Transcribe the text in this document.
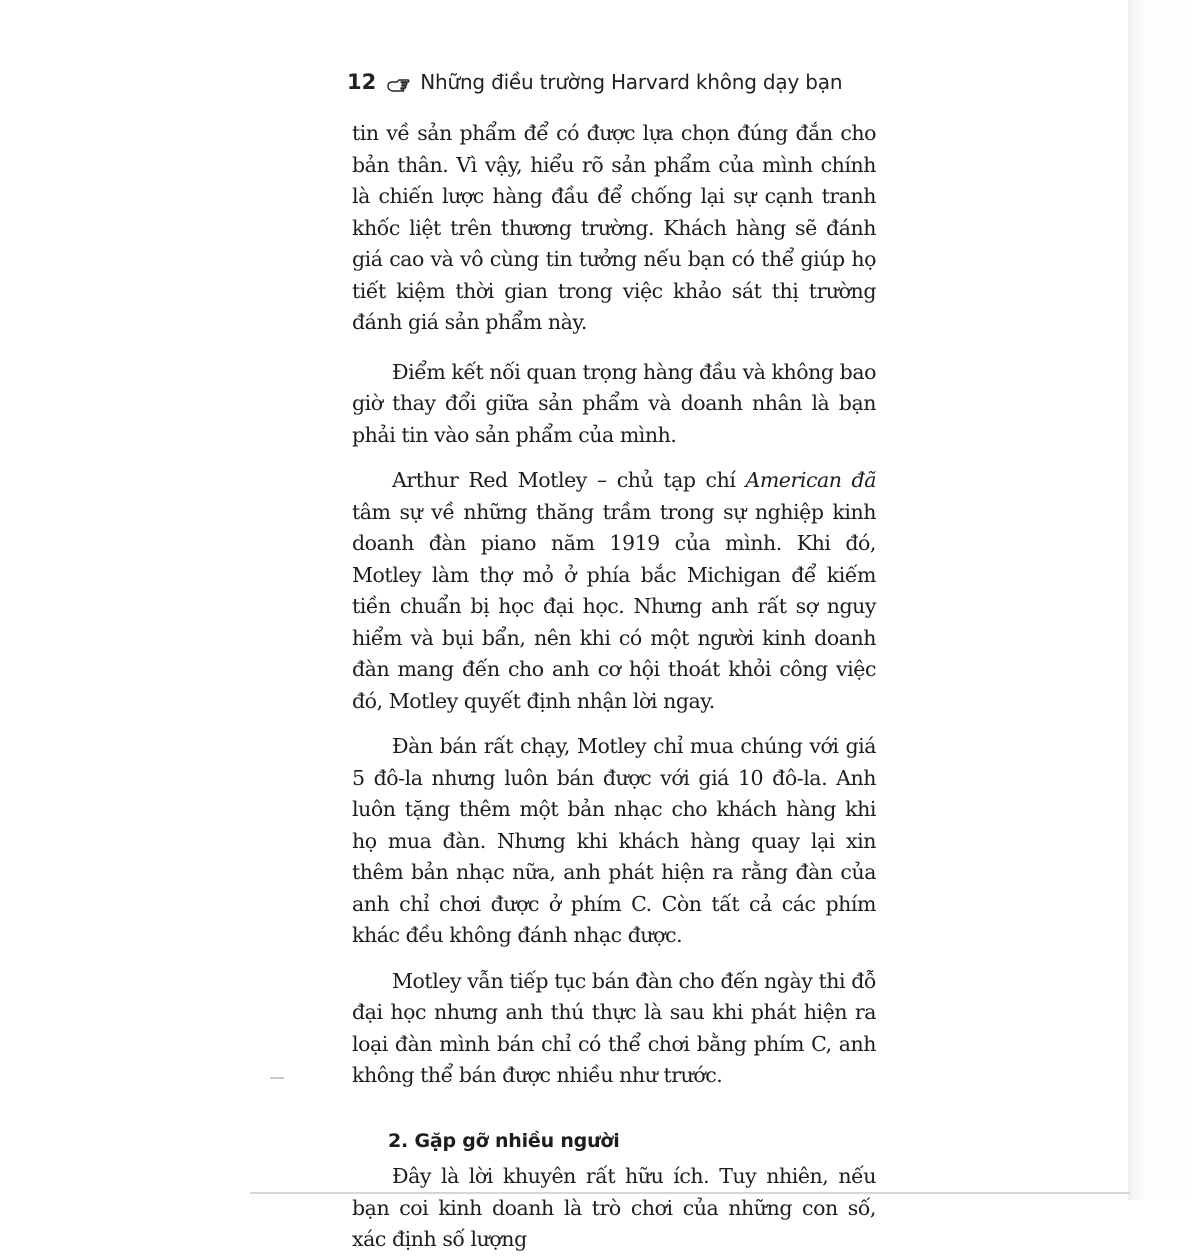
12 Những điều trường Harvard không dạy bạn

tin về sản phẩm để có được lựa chọn đúng đắn cho bản thân. Vì vậy, hiểu rõ sản phẩm của mình chính là chiến lược hàng đầu để chống lại sự cạnh tranh khốc liệt trên thương trường. Khách hàng sẽ đánh giá cao và vô cùng tin tưởng nếu bạn có thể giúp họ tiết kiệm thời gian trong việc khảo sát thị trường đánh giá sản phẩm này.

Điểm kết nối quan trọng hàng đầu và không bao giờ thay đổi giữa sản phẩm và doanh nhân là bạn phải tin vào sản phẩm của mình.

Arthur Red Motley – chủ tạp chí American đã tâm sự về những thăng trầm trong sự nghiệp kinh doanh đàn piano năm 1919 của mình. Khi đó, Motley làm thợ mỏ ở phía bắc Michigan để kiếm tiền chuẩn bị học đại học. Nhưng anh rất sợ nguy hiểm và bụi bẩn, nên khi có một người kinh doanh đàn mang đến cho anh cơ hội thoát khỏi công việc đó, Motley quyết định nhận lời ngay.

Đàn bán rất chạy, Motley chỉ mua chúng với giá 5 đô-la nhưng luôn bán được với giá 10 đô-la. Anh luôn tặng thêm một bản nhạc cho khách hàng khi họ mua đàn. Nhưng khi khách hàng quay lại xin thêm bản nhạc nữa, anh phát hiện ra rằng đàn của anh chỉ chơi được ở phím C. Còn tất cả các phím khác đều không đánh nhạc được.

Motley vẫn tiếp tục bán đàn cho đến ngày thi đỗ đại học nhưng anh thú thực là sau khi phát hiện ra loại đàn mình bán chỉ có thể chơi bằng phím C, anh không thể bán được nhiều như trước.

2. Gặp gỡ nhiều người

Đây là lời khuyên rất hữu ích. Tuy nhiên, nếu bạn coi kinh doanh là trò chơi của những con số, xác định số lượng
